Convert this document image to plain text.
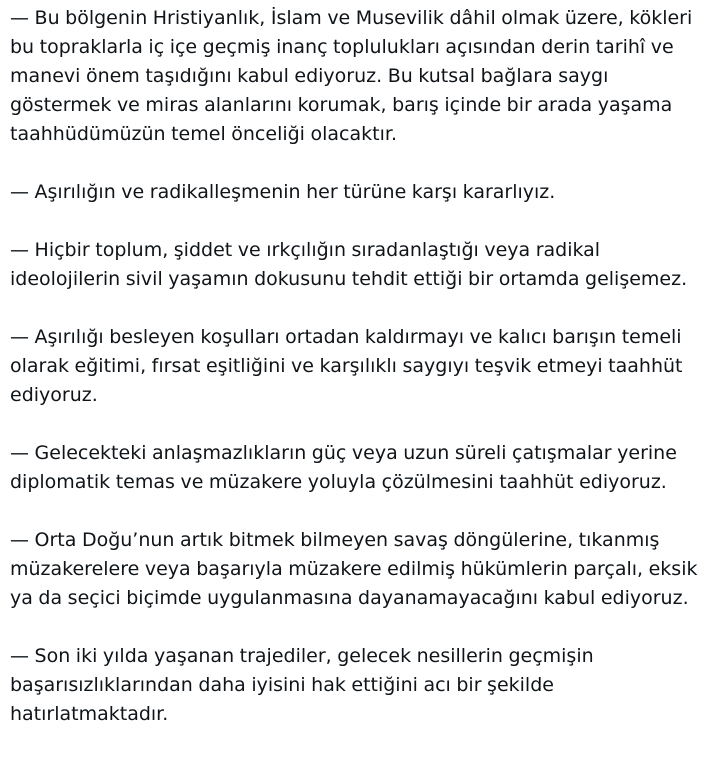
— Bu bölgenin Hristiyanlık, İslam ve Musevilik dâhil olmak üzere, kökleri
bu topraklarla iç içe geçmiş inanç toplulukları açısından derin tarihî ve
manevi önem taşıdığını kabul ediyoruz. Bu kutsal bağlara saygı
göstermek ve miras alanlarını korumak, barış içinde bir arada yaşama
taahhüdümüzün temel önceliği olacaktır.

— Aşırılığın ve radikalleşmenin her türüne karşı kararlıyız.

— Hiçbir toplum, şiddet ve ırkçılığın sıradanlaştığı veya radikal
ideolojilerin sivil yaşamın dokusunu tehdit ettiği bir ortamda gelişemez.

— Aşırılığı besleyen koşulları ortadan kaldırmayı ve kalıcı barışın temeli
olarak eğitimi, fırsat eşitliğini ve karşılıklı saygıyı teşvik etmeyi taahhüt
ediyoruz.

— Gelecekteki anlaşmazlıkların güç veya uzun süreli çatışmalar yerine
diplomatik temas ve müzakere yoluyla çözülmesini taahhüt ediyoruz.

— Orta Doğu’nun artık bitmek bilmeyen savaş döngülerine, tıkanmış
müzakerelere veya başarıyla müzakere edilmiş hükümlerin parçalı, eksik
ya da seçici biçimde uygulanmasına dayanamayacağını kabul ediyoruz.

— Son iki yılda yaşanan trajediler, gelecek nesillerin geçmişin
başarısızlıklarından daha iyisini hak ettiğini acı bir şekilde
hatırlatmaktadır.
